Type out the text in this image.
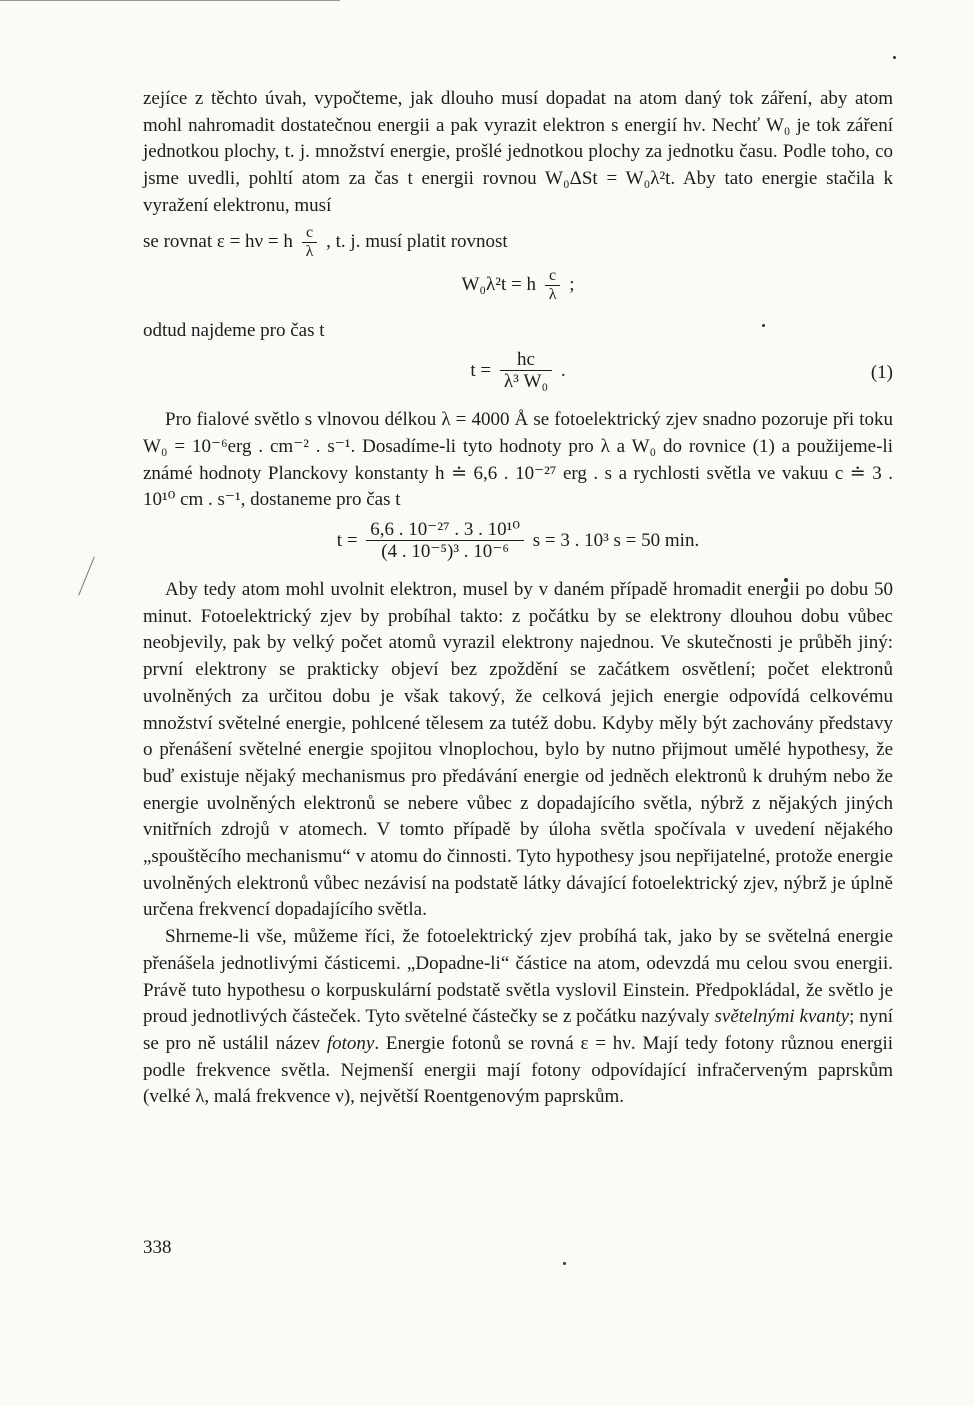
zejíce z těchto úvah, vypočteme, jak dlouho musí dopadat na atom daný tok záření, aby atom mohl nahromadit dostatečnou energii a pak vyrazit elektron s energií hν. Nechť W₀ je tok záření jednotkou plochy, t. j. množství energie, prošlé jednotkou plochy za jednotku času. Podle toho, co jsme uvedli, pohltí atom za čas t energii rovnou W₀ΔSt = W₀λ²t. Aby tato energie stačila k vyražení elektronu, musí

se rovnat ε = hν = h $\frac{c}{\lambda}$ , t. j. musí platit rovnost

W₀λ²t = h $\frac{c}{\lambda}$ ;

odtud najdeme pro čas t

$t = \frac{hc}{\text{λ³ W₀}}$ .	(1)

Pro fialové světlo s vlnovou délkou λ = 4000 Å se fotoelektrický zjev snadno pozoruje při toku W₀ = 10⁻⁶erg . cm⁻² . s⁻¹. Dosadíme-li tyto hodnoty pro λ a W₀ do rovnice (1) a použijeme-li známé hodnoty Planckovy konstanty h ≐ 6,6 . 10⁻²⁷ erg . s a rychlosti světla ve vakuu c ≐ 3 . 10¹⁰ cm . s⁻¹, dostaneme pro čas t

$t = \frac{\text{6,6 . 10⁻²⁷ . 3 . 10¹⁰}}{\text{(4 . 10⁻⁵)³ . 10⁻⁶}}$ s = 3 . 10³ s = 50 min.

Aby tedy atom mohl uvolnit elektron, musel by v daném případě hromadit energii po dobu 50 minut. Fotoelektrický zjev by probíhal takto: z počátku by se elektrony dlouhou dobu vůbec neobjevily, pak by velký počet atomů vyrazil elektrony najednou. Ve skutečnosti je průběh jiný: první elektrony se prakticky objeví bez zpoždění se začátkem osvětlení; počet elektronů uvolněných za určitou dobu je však takový, že celková jejich energie odpovídá celkovému množství světelné energie, pohlcené tělesem za tutéž dobu. Kdyby měly být zachovány představy o přenášení světelné energie spojitou vlnoplochou, bylo by nutno přijmout umělé hypothesy, že buď existuje nějaký mechanismus pro předávání energie od jedněch elektronů k druhým nebo že energie uvolněných elektronů se nebere vůbec z dopadajícího světla, nýbrž z nějakých jiných vnitřních zdrojů v atomech. V tomto případě by úloha světla spočívala v uvedení nějakého „spouštěcího mechanismu“ v atomu do činnosti. Tyto hypothesy jsou nepřijatelné, protože energie uvolněných elektronů vůbec nezávisí na podstatě látky dávající fotoelektrický zjev, nýbrž je úplně určena frekvencí dopadajícího světla.

Shrneme-li vše, můžeme říci, že fotoelektrický zjev probíhá tak, jako by se světelná energie přenášela jednotlivými částicemi. „Dopadne-li“ částice na atom, odevzdá mu celou svou energii. Právě tuto hypothesu o korpuskulární podstatě světla vyslovil Einstein. Předpokládal, že světlo je proud jednotlivých částeček. Tyto světelné částečky se z počátku nazývaly světelnými kvanty; nyní se pro ně ustálil název fotony. Energie fotonů se rovná ε = hν. Mají tedy fotony různou energii podle frekvence světla. Nejmenší energii mají fotony odpovídající infračerveným paprskům (velké λ, malá frekvence ν), největší Roentgenovým paprskům.

338
